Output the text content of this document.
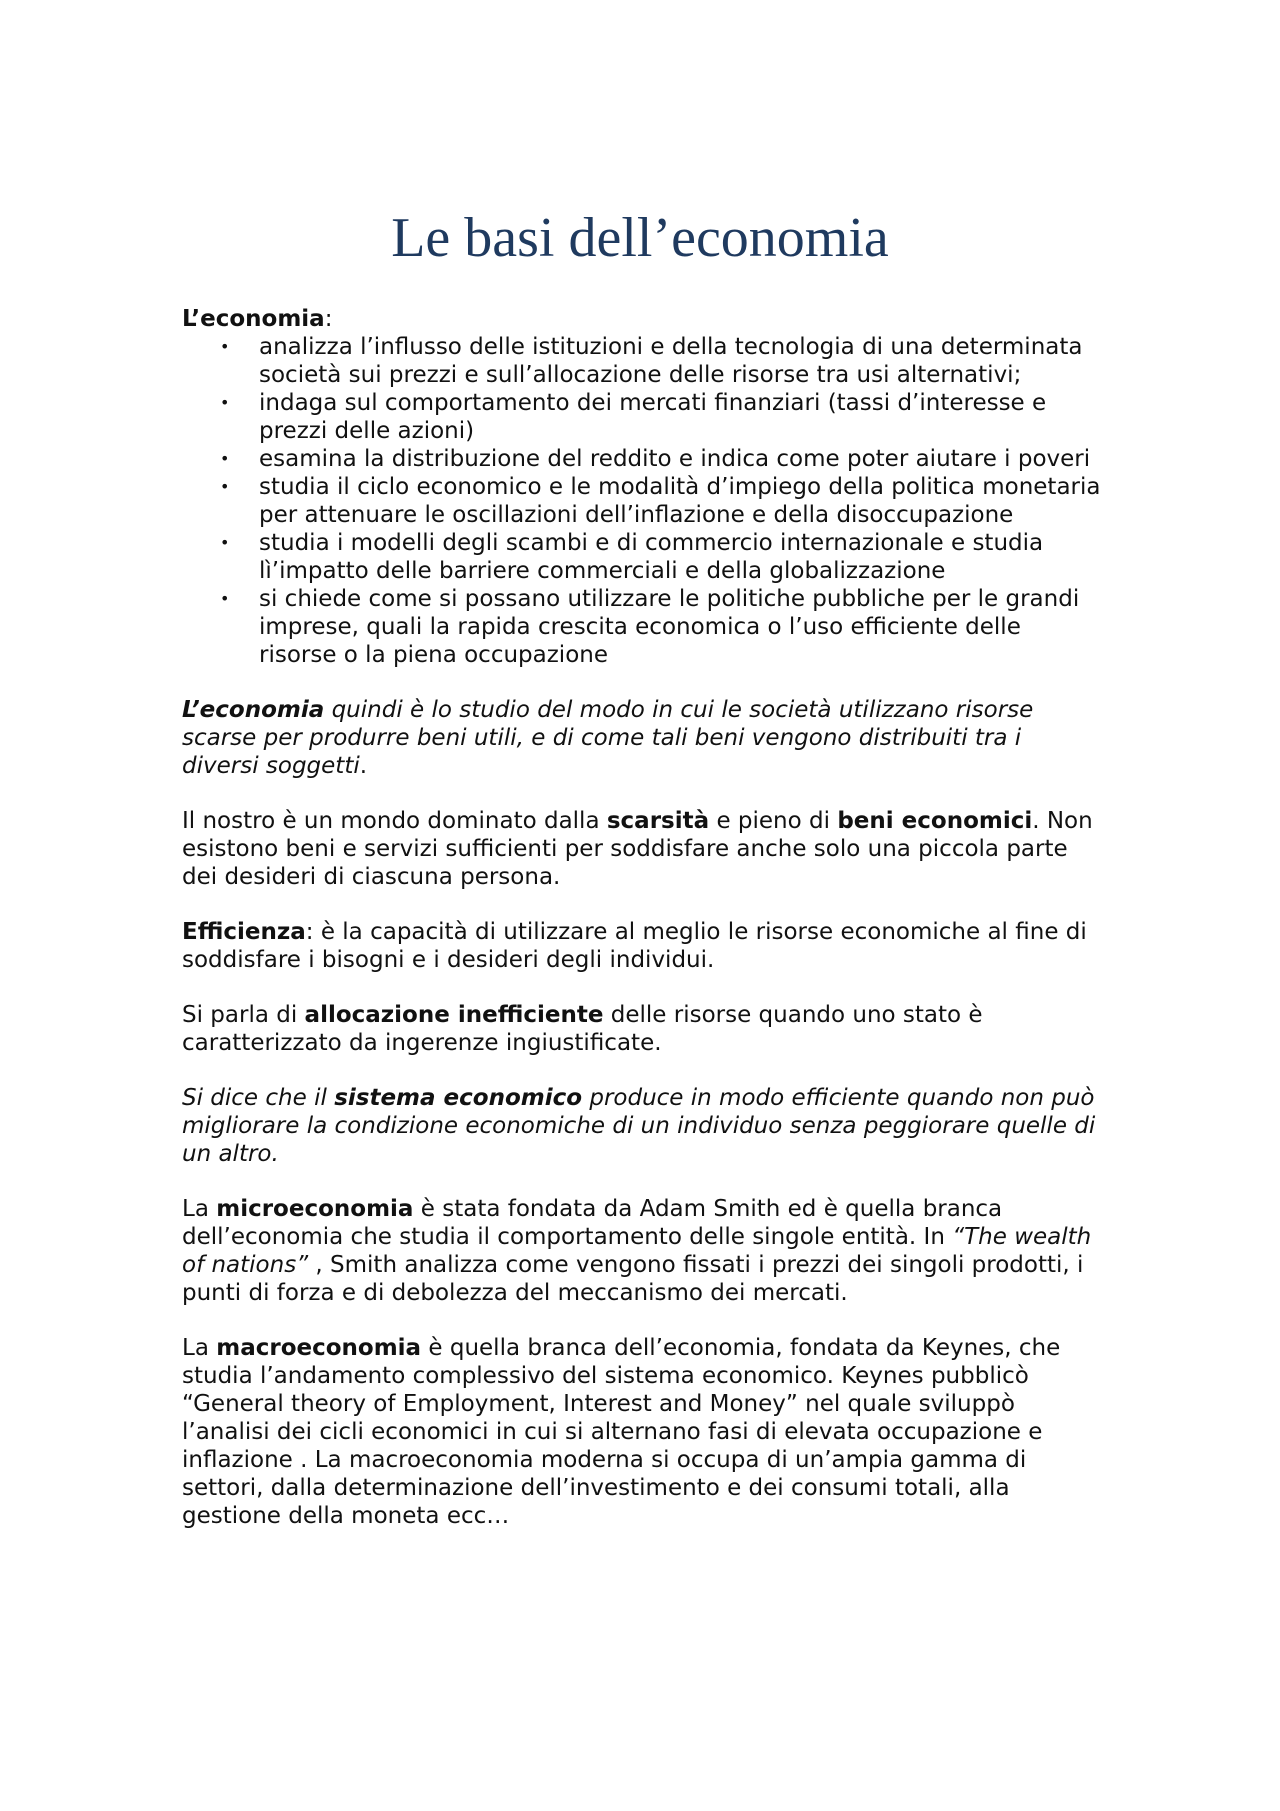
Le basi dell’economia

L’economia:

• analizza l’influsso delle istituzioni e della tecnologia di una determinata società sui prezzi e sull’allocazione delle risorse tra usi alternativi;
• indaga sul comportamento dei mercati finanziari (tassi d’interesse e prezzi delle azioni)
• esamina la distribuzione del reddito e indica come poter aiutare i poveri
• studia il ciclo economico e le modalità d’impiego della politica monetaria per attenuare le oscillazioni dell’inflazione e della disoccupazione
• studia i modelli degli scambi e di commercio internazionale e studia lì’impatto delle barriere commerciali e della globalizzazione
• si chiede come si possano utilizzare le politiche pubbliche per le grandi imprese, quali la rapida crescita economica o l’uso efficiente delle risorse o la piena occupazione

L’economia quindi è lo studio del modo in cui le società utilizzano risorse scarse per produrre beni utili, e di come tali beni vengono distribuiti tra i diversi soggetti.

Il nostro è un mondo dominato dalla scarsità e pieno di beni economici. Non esistono beni e servizi sufficienti per soddisfare anche solo una piccola parte dei desideri di ciascuna persona.

Efficienza: è la capacità di utilizzare al meglio le risorse economiche al fine di soddisfare i bisogni e i desideri degli individui.

Si parla di allocazione inefficiente delle risorse quando uno stato è caratterizzato da ingerenze ingiustificate.

Si dice che il sistema economico produce in modo efficiente quando non può migliorare la condizione economiche di un individuo senza peggiorare quelle di un altro.

La microeconomia è stata fondata da Adam Smith ed è quella branca dell’economia che studia il comportamento delle singole entità. In “The wealth of nations” , Smith analizza come vengono fissati i prezzi dei singoli prodotti, i punti di forza e di debolezza del meccanismo dei mercati.

La macroeconomia è quella branca dell’economia, fondata da Keynes, che studia l’andamento complessivo del sistema economico. Keynes pubblicò “General theory of Employment, Interest and Money” nel quale sviluppò l’analisi dei cicli economici in cui si alternano fasi di elevata occupazione e inflazione . La macroeconomia moderna si occupa di un’ampia gamma di settori, dalla determinazione dell’investimento e dei consumi totali, alla gestione della moneta ecc…
